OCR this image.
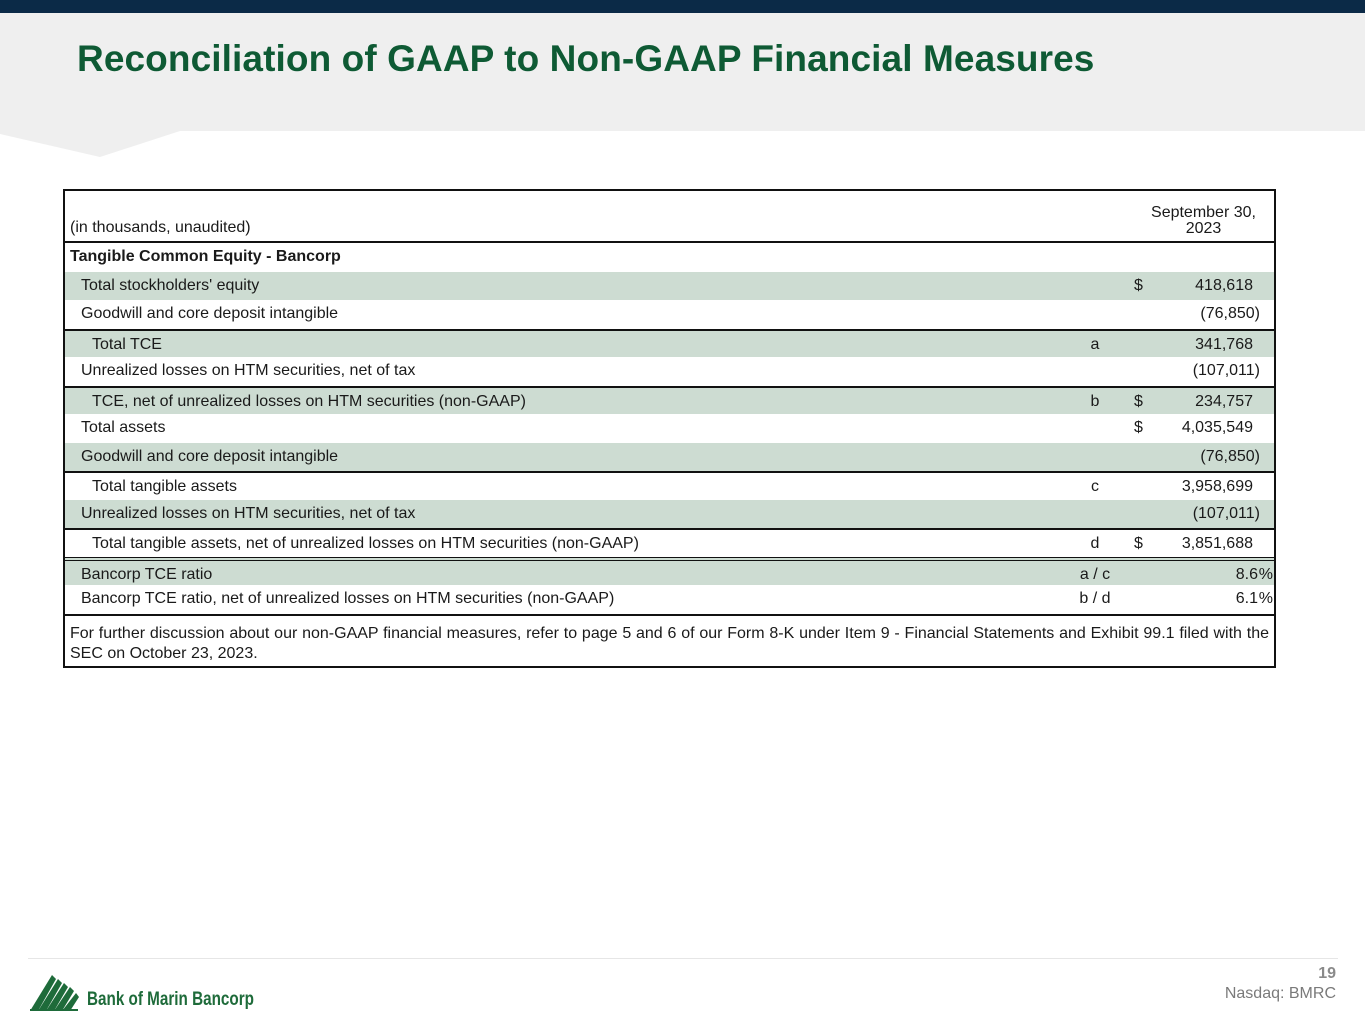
Reconciliation of GAAP to Non-GAAP Financial Measures
(in thousands, unaudited)
September 30,
2023
Tangible Common Equity - Bancorp
Total stockholders' equity	$	418,618
Goodwill and core deposit intangible	(76,850)
Total TCE	a	341,768
Unrealized losses on HTM securities, net of tax	(107,011)
TCE, net of unrealized losses on HTM securities (non-GAAP)	b	$	234,757
Total assets	$ 4,035,549
Goodwill and core deposit intangible	(76,850)
Total tangible assets	c	3,958,699
Unrealized losses on HTM securities, net of tax	(107,011)
Total tangible assets, net of unrealized losses on HTM securities (non-GAAP)	d	$ 3,851,688
Bancorp TCE ratio	a / c	8.6 %
Bancorp TCE ratio, net of unrealized losses on HTM securities (non-GAAP)	b / d	6.1 %
For further discussion about our non-GAAP financial measures, refer to page 5 and 6 of our Form 8-K under Item 9 - Financial Statements and Exhibit 99.1 filed with the SEC on October 23, 2023.
Bank of Marin Bancorp
19
Nasdaq: BMRC
